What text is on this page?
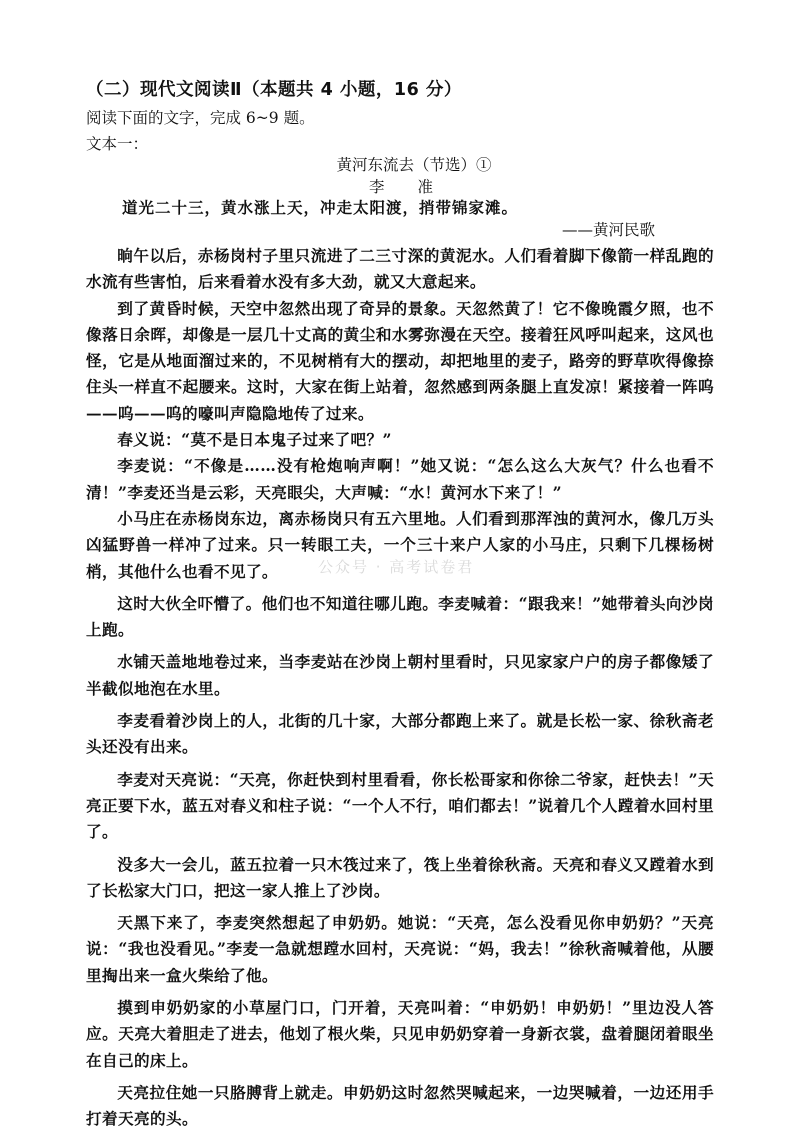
（二）现代文阅读Ⅱ（本题共 4 小题，16 分）
阅读下面的文字，完成 6~9 题。
文本一：
黄河东流去（节选）①
李 准
道光二十三，黄水涨上天，冲走太阳渡，捎带锦家滩。
——黄河民歌

晌午以后，赤杨岗村子里只流进了二三寸深的黄泥水。人们看着脚下像箭一样乱跑的水流有些害怕，后来看着水没有多大劲，就又大意起来。

到了黄昏时候，天空中忽然出现了奇异的景象。天忽然黄了！它不像晚霞夕照，也不像落日余晖，却像是一层几十丈高的黄尘和水雾弥漫在天空。接着狂风呼叫起来，这风也怪，它是从地面溜过来的，不见树梢有大的摆动，却把地里的麦子，路旁的野草吹得像捺住头一样直不起腰来。这时，大家在街上站着，忽然感到两条腿上直发凉！紧接着一阵呜——呜——呜的嚎叫声隐隐地传了过来。

春义说：“莫不是日本鬼子过来了吧？”

李麦说：“不像是……没有枪炮响声啊！”她又说：“怎么这么大灰气？什么也看不清！”李麦还当是云彩，天亮眼尖，大声喊：“水！黄河水下来了！”

小马庄在赤杨岗东边，离赤杨岗只有五六里地。人们看到那浑浊的黄河水，像几万头凶猛野兽一样冲了过来。只一转眼工夫，一个三十来户人家的小马庄，只剩下几棵杨树梢，其他什么也看不见了。

这时大伙全吓懵了。他们也不知道往哪儿跑。李麦喊着：“跟我来！”她带着头向沙岗上跑。

水铺天盖地地卷过来，当李麦站在沙岗上朝村里看时，只见家家户户的房子都像矮了半截似地泡在水里。

李麦看着沙岗上的人，北街的几十家，大部分都跑上来了。就是长松一家、徐秋斋老头还没有出来。

李麦对天亮说：“天亮，你赶快到村里看看，你长松哥家和你徐二爷家，赶快去！”天亮正要下水，蓝五对春义和柱子说：“一个人不行，咱们都去！”说着几个人蹚着水回村里了。

没多大一会儿，蓝五拉着一只木筏过来了，筏上坐着徐秋斋。天亮和春义又蹚着水到了长松家大门口，把这一家人推上了沙岗。

天黑下来了，李麦突然想起了申奶奶。她说：“天亮，怎么没看见你申奶奶？”天亮说：“我也没看见。”李麦一急就想蹚水回村，天亮说：“妈，我去！”徐秋斋喊着他，从腰里掏出来一盒火柴给了他。

摸到申奶奶家的小草屋门口，门开着，天亮叫着：“申奶奶！申奶奶！”里边没人答应。天亮大着胆走了进去，他划了根火柴，只见申奶奶穿着一身新衣裳，盘着腿闭着眼坐在自己的床上。

天亮拉住她一只胳膊背上就走。申奶奶这时忽然哭喊起来，一边哭喊着，一边还用手打着天亮的头。

公众号 · 高考试卷君
